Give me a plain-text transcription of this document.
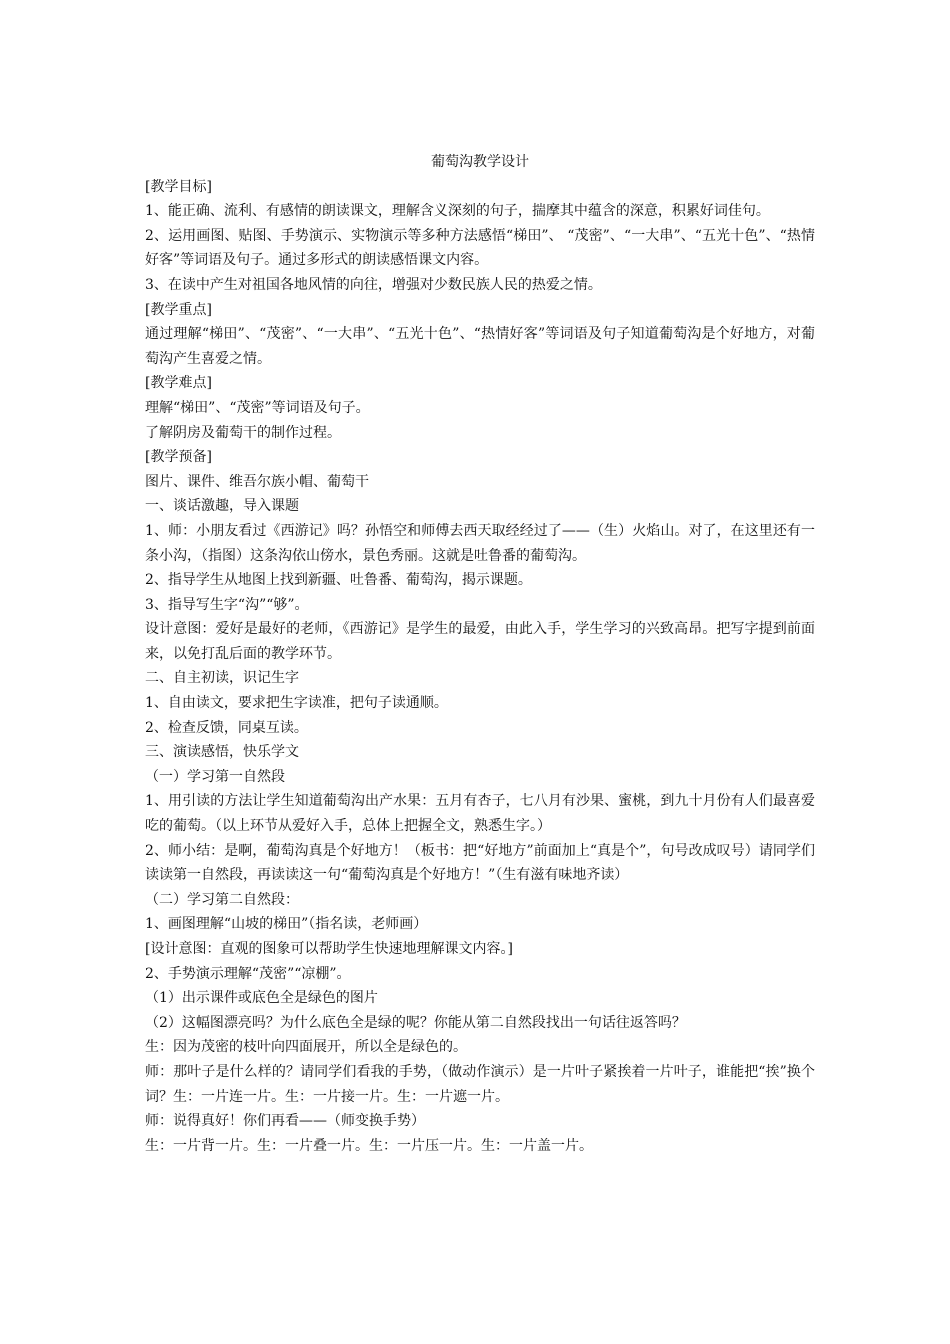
葡萄沟教学设计
[教学目标]
1、能正确、流利、有感情的朗读课文，理解含义深刻的句子，揣摩其中蕴含的深意，积累好词佳句。
2、运用画图、贴图、手势演示、实物演示等多种方法感悟“梯田”、 “茂密”、“一大串”、“五光十色”、“热情好客”等词语及句子。通过多形式的朗读感悟课文内容。
3、在读中产生对祖国各地风情的向往，增强对少数民族人民的热爱之情。
[教学重点]
通过理解“梯田”、“茂密”、“一大串”、“五光十色”、“热情好客”等词语及句子知道葡萄沟是个好地方，对葡萄沟产生喜爱之情。
[教学难点]
理解“梯田”、“茂密”等词语及句子。
了解阴房及葡萄干的制作过程。
[教学预备]
图片、课件、维吾尔族小帽、葡萄干
一、谈话激趣，导入课题
1、师：小朋友看过《西游记》吗？孙悟空和师傅去西天取经经过了——（生）火焰山。对了，在这里还有一条小沟，（指图）这条沟依山傍水，景色秀丽。这就是吐鲁番的葡萄沟。
2、指导学生从地图上找到新疆、吐鲁番、葡萄沟，揭示课题。
3、指导写生字“沟”“够”。
设计意图：爱好是最好的老师，《西游记》是学生的最爱，由此入手，学生学习的兴致高昂。把写字提到前面来，以免打乱后面的教学环节。
二、自主初读，识记生字
1、自由读文，要求把生字读准，把句子读通顺。
2、检查反馈，同桌互读。
三、演读感悟，快乐学文
（一）学习第一自然段
1、用引读的方法让学生知道葡萄沟出产水果：五月有杏子，七八月有沙果、蜜桃，到九十月份有人们最喜爱吃的葡萄。（以上环节从爱好入手，总体上把握全文，熟悉生字。）
2、师小结：是啊，葡萄沟真是个好地方！（板书：把“好地方”前面加上“真是个”，句号改成叹号）请同学们读读第一自然段，再读读这一句“葡萄沟真是个好地方！”（生有滋有味地齐读）
（二）学习第二自然段：
1、画图理解“山坡的梯田”（指名读，老师画）
[设计意图：直观的图象可以帮助学生快速地理解课文内容。]
2、手势演示理解“茂密”“凉棚”。
（1）出示课件或底色全是绿色的图片
（2）这幅图漂亮吗？为什么底色全是绿的呢？你能从第二自然段找出一句话往返答吗？
生：因为茂密的枝叶向四面展开，所以全是绿色的。
师：那叶子是什么样的？请同学们看我的手势，（做动作演示）是一片叶子紧挨着一片叶子，谁能把“挨”换个词？生：一片连一片。生：一片接一片。生：一片遮一片。
师：说得真好！你们再看——（师变换手势）
生：一片背一片。生：一片叠一片。生：一片压一片。生：一片盖一片。
